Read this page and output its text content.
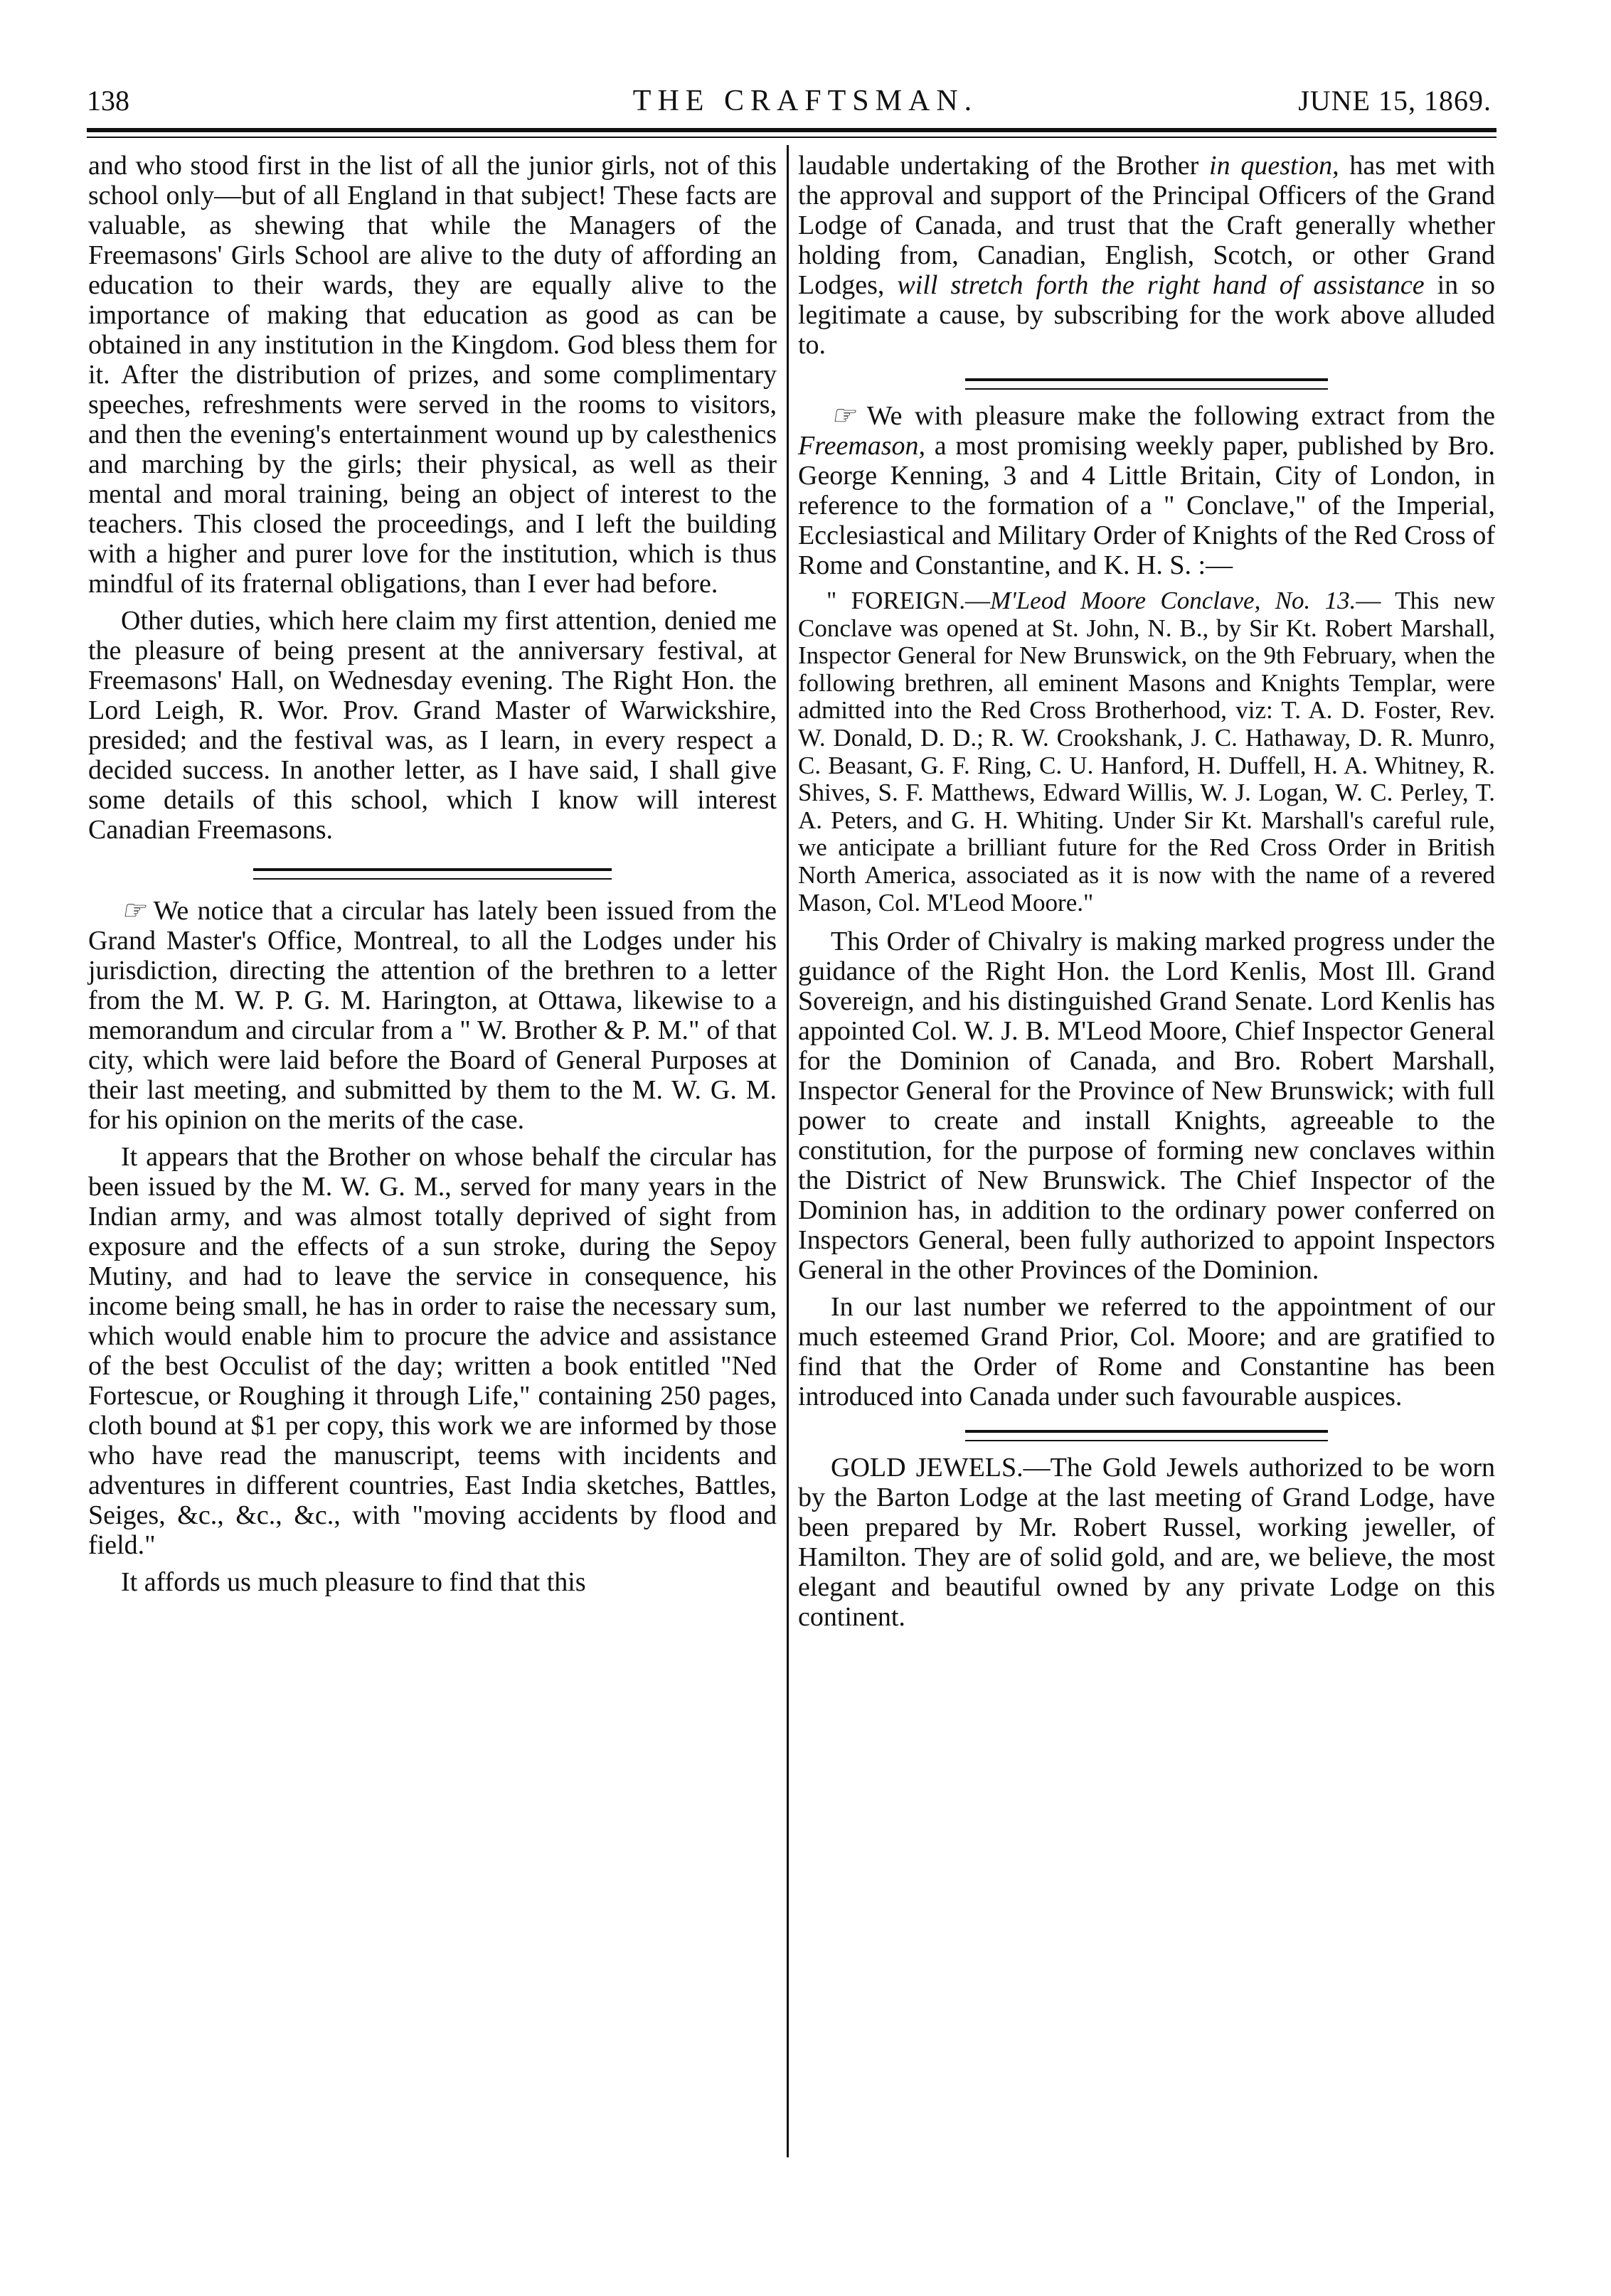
138	THE CRAFTSMAN.	JUNE 15, 1869.

and who stood first in the list of all the junior girls, not of this school only—but of all England in that subject! These facts are valuable, as shewing that while the Managers of the Freemasons' Girls School are alive to the duty of affording an education to their wards, they are equally alive to the importance of making that education as good as can be obtained in any institution in the Kingdom. God bless them for it. After the distribution of prizes, and some complimentary speeches, refreshments were served in the rooms to visitors, and then the evening's entertainment wound up by calesthenics and marching by the girls; their physical, as well as their mental and moral training, being an object of interest to the teachers. This closed the proceedings, and I left the building with a higher and purer love for the institution, which is thus mindful of its fraternal obligations, than I ever had before.

Other duties, which here claim my first attention, denied me the pleasure of being present at the anniversary festival, at Freemasons' Hall, on Wednesday evening. The Right Hon. the Lord Leigh, R. Wor. Prov. Grand Master of Warwickshire, presided; and the festival was, as I learn, in every respect a decided success. In another letter, as I have said, I shall give some details of this school, which I know will interest Canadian Freemasons.

☞ We notice that a circular has lately been issued from the Grand Master's Office, Montreal, to all the Lodges under his jurisdiction, directing the attention of the brethren to a letter from the M. W. P. G. M. Harington, at Ottawa, likewise to a memorandum and circular from a " W. Brother & P. M." of that city, which were laid before the Board of General Purposes at their last meeting, and submitted by them to the M. W. G. M. for his opinion on the merits of the case.

It appears that the Brother on whose behalf the circular has been issued by the M. W. G. M., served for many years in the Indian army, and was almost totally deprived of sight from exposure and the effects of a sun stroke, during the Sepoy Mutiny, and had to leave the service in consequence, his income being small, he has in order to raise the necessary sum, which would enable him to procure the advice and assistance of the best Occulist of the day; written a book entitled "Ned Fortescue, or Roughing it through Life," containing 250 pages, cloth bound at $1 per copy, this work we are informed by those who have read the manuscript, teems with incidents and adventures in different countries, East India sketches, Battles, Seiges, &c., &c., &c., with "moving accidents by flood and field."

It affords us much pleasure to find that this

laudable undertaking of the Brother in question, has met with the approval and support of the Principal Officers of the Grand Lodge of Canada, and trust that the Craft generally whether holding from, Canadian, English, Scotch, or other Grand Lodges, will stretch forth the right hand of assistance in so legitimate a cause, by subscribing for the work above alluded to.

☞ We with pleasure make the following extract from the Freemason, a most promising weekly paper, published by Bro. George Kenning, 3 and 4 Little Britain, City of London, in reference to the formation of a " Conclave," of the Imperial, Ecclesiastical and Military Order of Knights of the Red Cross of Rome and Constantine, and K. H. S. :—

" FOREIGN.—M'Leod Moore Conclave, No. 13.— This new Conclave was opened at St. John, N. B., by Sir Kt. Robert Marshall, Inspector General for New Brunswick, on the 9th February, when the following brethren, all eminent Masons and Knights Templar, were admitted into the Red Cross Brotherhood, viz: T. A. D. Foster, Rev. W. Donald, D. D.; R. W. Crookshank, J. C. Hathaway, D. R. Munro, C. Beasant, G. F. Ring, C. U. Hanford, H. Duffell, H. A. Whitney, R. Shives, S. F. Matthews, Edward Willis, W. J. Logan, W. C. Perley, T. A. Peters, and G. H. Whiting. Under Sir Kt. Marshall's careful rule, we anticipate a brilliant future for the Red Cross Order in British North America, associated as it is now with the name of a revered Mason, Col. M'Leod Moore."

This Order of Chivalry is making marked progress under the guidance of the Right Hon. the Lord Kenlis, Most Ill. Grand Sovereign, and his distinguished Grand Senate. Lord Kenlis has appointed Col. W. J. B. M'Leod Moore, Chief Inspector General for the Dominion of Canada, and Bro. Robert Marshall, Inspector General for the Province of New Brunswick; with full power to create and install Knights, agreeable to the constitution, for the purpose of forming new conclaves within the District of New Brunswick. The Chief Inspector of the Dominion has, in addition to the ordinary power conferred on Inspectors General, been fully authorized to appoint Inspectors General in the other Provinces of the Dominion.

In our last number we referred to the appointment of our much esteemed Grand Prior, Col. Moore; and are gratified to find that the Order of Rome and Constantine has been introduced into Canada under such favourable auspices.

GOLD JEWELS.—The Gold Jewels authorized to be worn by the Barton Lodge at the last meeting of Grand Lodge, have been prepared by Mr. Robert Russel, working jeweller, of Hamilton. They are of solid gold, and are, we believe, the most elegant and beautiful owned by any private Lodge on this continent.
